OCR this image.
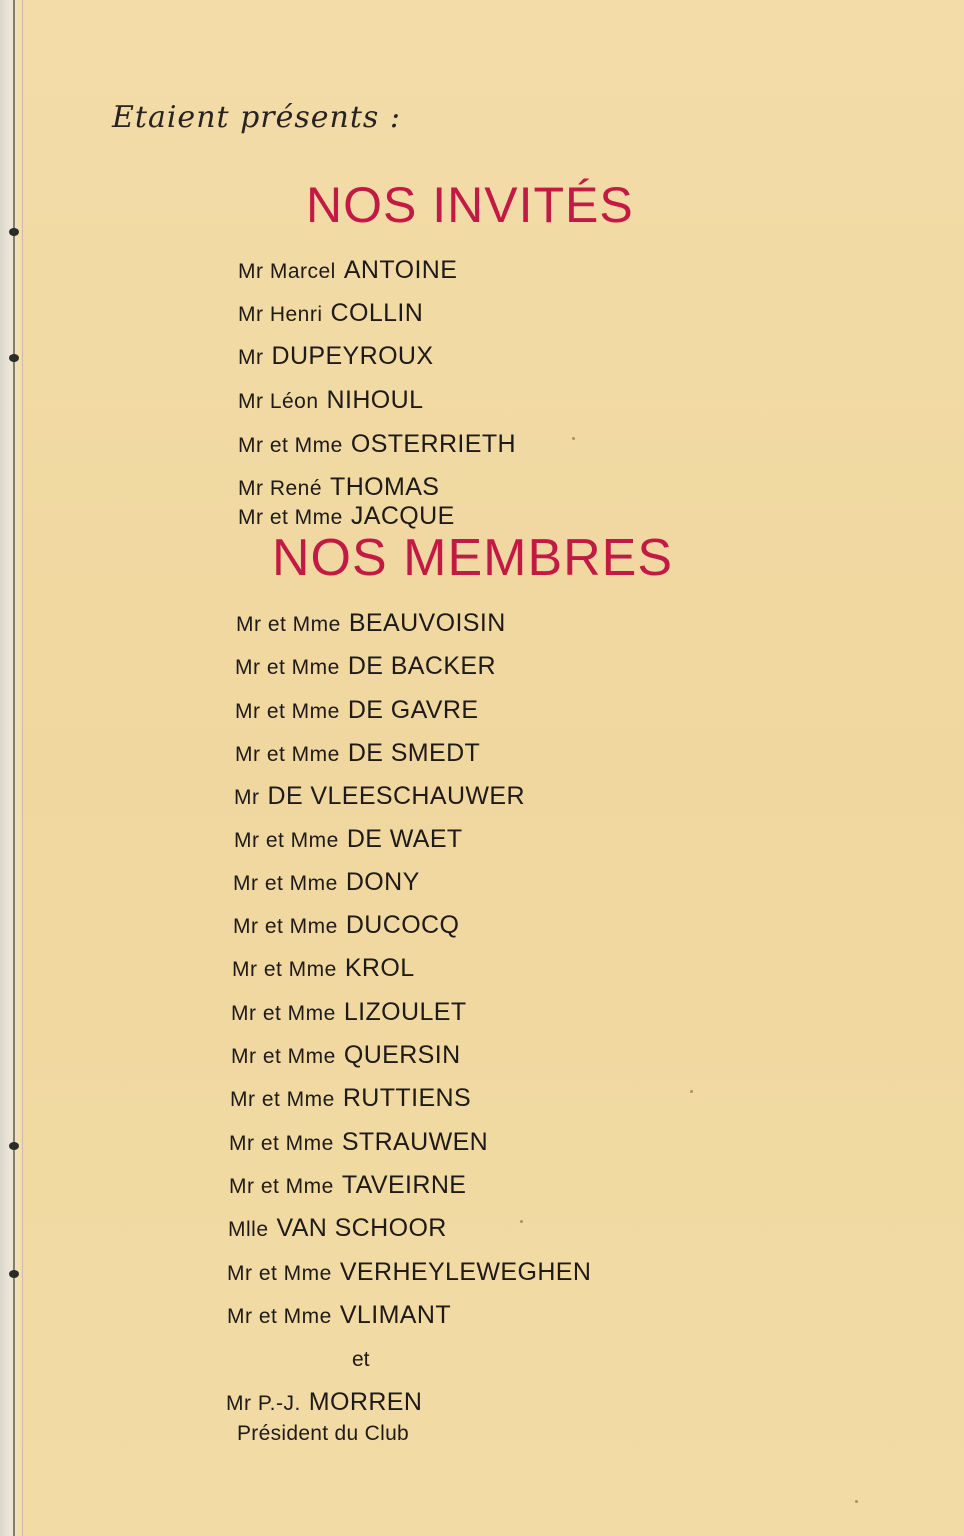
Etaient présents :
NOS INVITÉS
Mr Marcel ANTOINE
Mr Henri COLLIN
Mr DUPEYROUX
Mr Léon NIHOUL
Mr et Mme OSTERRIETH
Mr René THOMAS
Mr et Mme JACQUE
NOS MEMBRES
Mr et Mme BEAUVOISIN
Mr et Mme DE BACKER
Mr et Mme DE GAVRE
Mr et Mme DE SMEDT
Mr DE VLEESCHAUWER
Mr et Mme DE WAET
Mr et Mme DONY
Mr et Mme DUCOCQ
Mr et Mme KROL
Mr et Mme LIZOULET
Mr et Mme QUERSIN
Mr et Mme RUTTIENS
Mr et Mme STRAUWEN
Mr et Mme TAVEIRNE
Mlle VAN SCHOOR
Mr et Mme VERHEYLEWEGHEN
Mr et Mme VLIMANT
et
Mr P.-J. MORREN
Président du Club
